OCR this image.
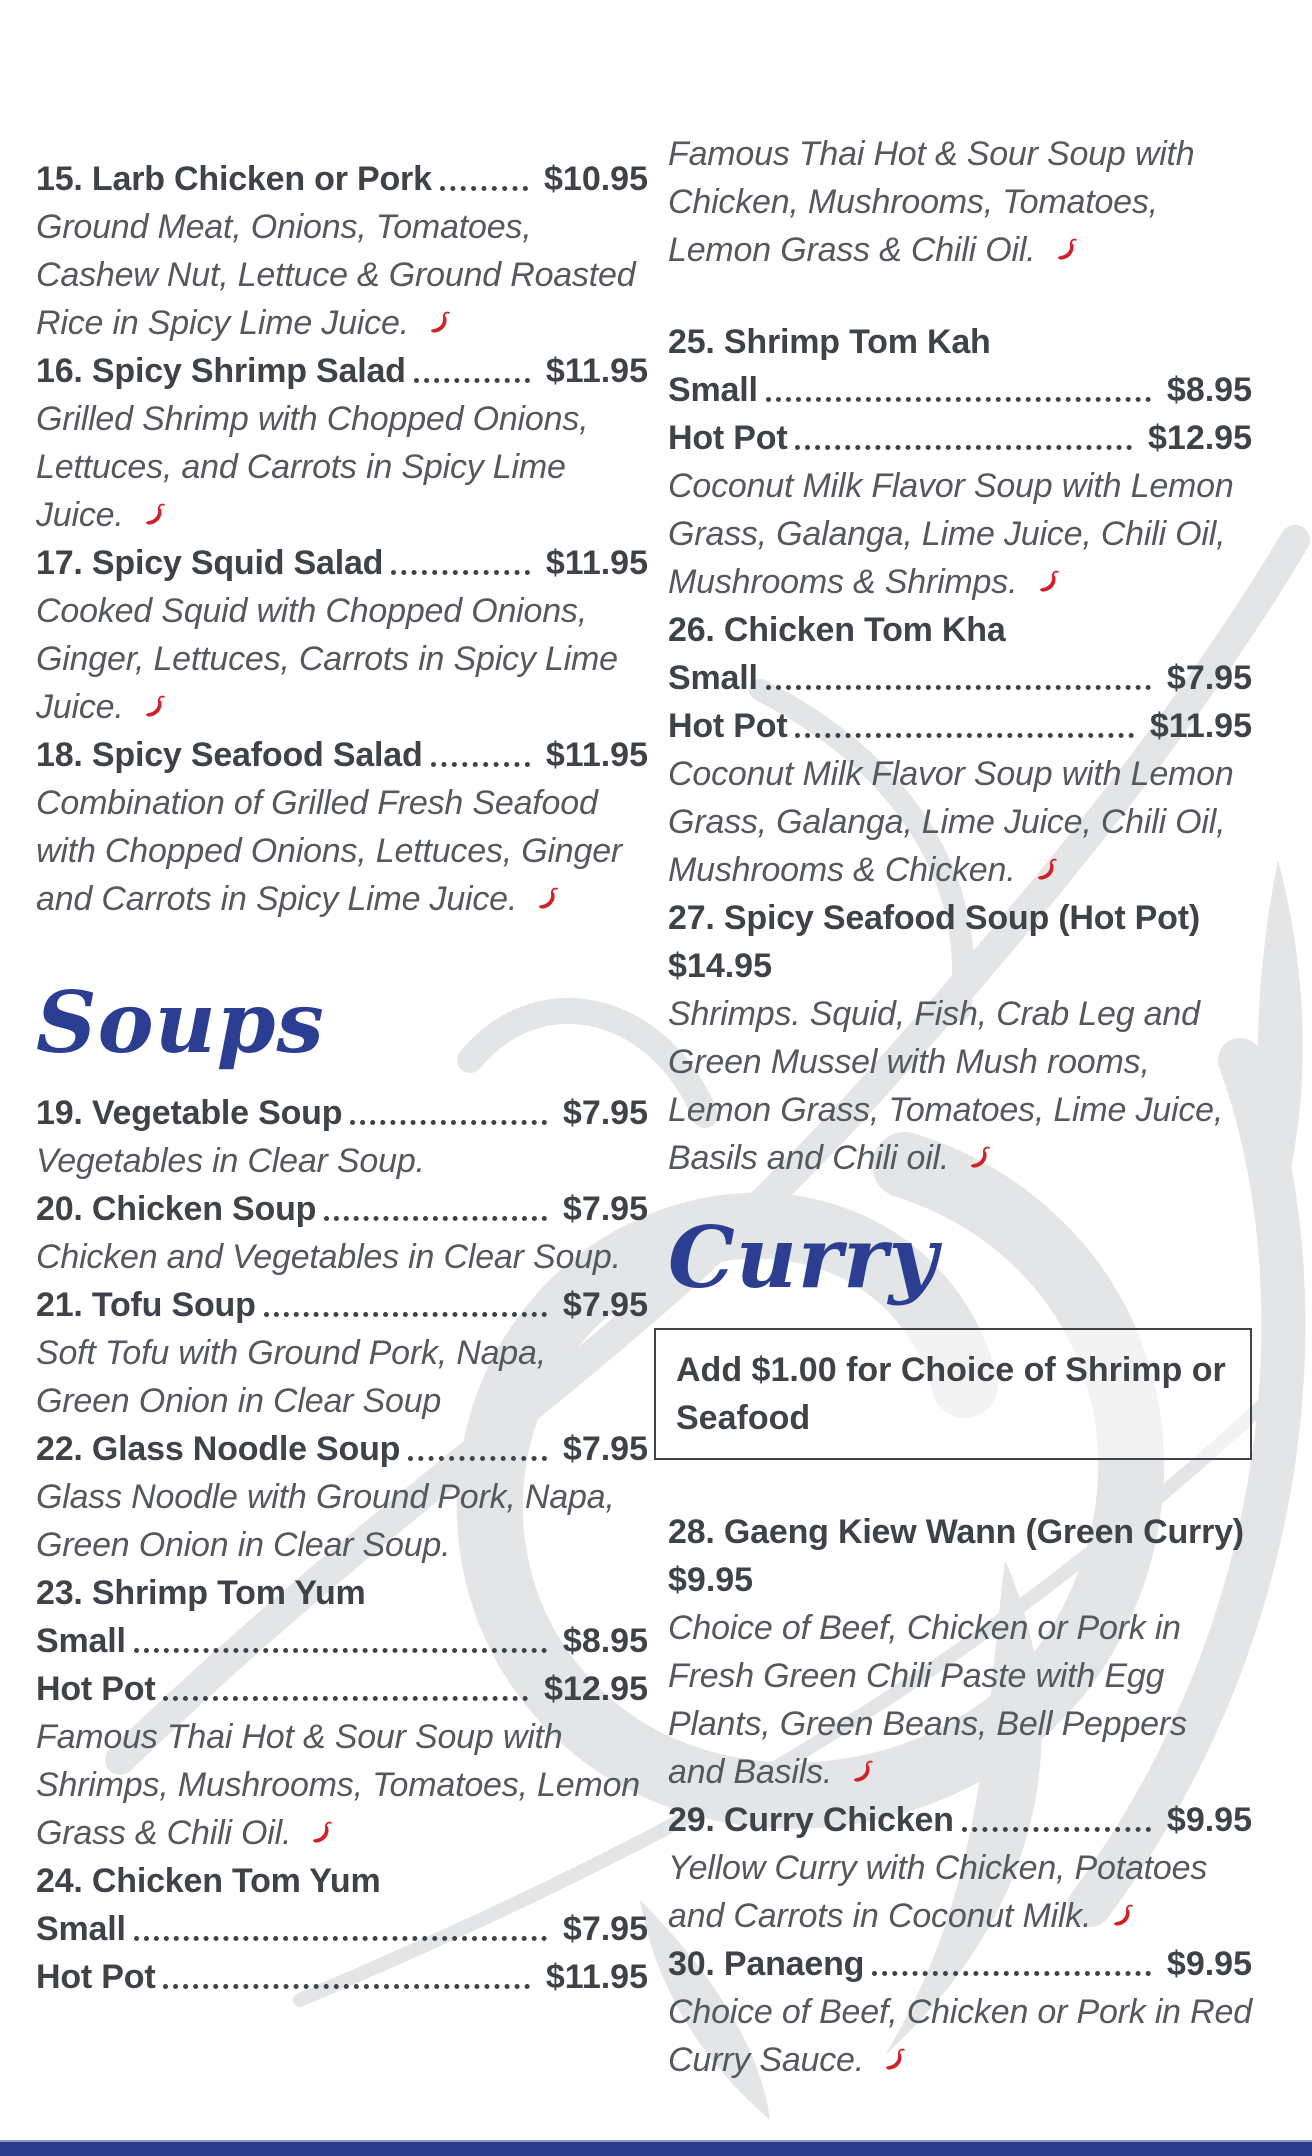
15. Larb Chicken or Pork	$10.95
Ground Meat, Onions, Tomatoes, Cashew Nut, Lettuce & Ground Roasted Rice in Spicy Lime Juice.
16. Spicy Shrimp Salad	$11.95
Grilled Shrimp with Chopped Onions, Lettuces, and Carrots in Spicy Lime Juice.
17. Spicy Squid Salad	$11.95
Cooked Squid with Chopped Onions, Ginger, Lettuces, Carrots in Spicy Lime Juice.
18. Spicy Seafood Salad	$11.95
Combination of Grilled Fresh Seafood with Chopped Onions, Lettuces, Ginger and Carrots in Spicy Lime Juice.
Soups
19. Vegetable Soup	$7.95
Vegetables in Clear Soup.
20. Chicken Soup	$7.95
Chicken and Vegetables in Clear Soup.
21. Tofu Soup	$7.95
Soft Tofu with Ground Pork, Napa, Green Onion in Clear Soup
22. Glass Noodle Soup	$7.95
Glass Noodle with Ground Pork, Napa, Green Onion in Clear Soup.
23. Shrimp Tom Yum
Small	$8.95
Hot Pot	$12.95
Famous Thai Hot & Sour Soup with Shrimps, Mushrooms, Tomatoes, Lemon Grass & Chili Oil.
24. Chicken Tom Yum
Small	$7.95
Hot Pot	$11.95
Famous Thai Hot & Sour Soup with Chicken, Mushrooms, Tomatoes, Lemon Grass & Chili Oil.
25. Shrimp Tom Kah
Small	$8.95
Hot Pot	$12.95
Coconut Milk Flavor Soup with Lemon Grass, Galanga, Lime Juice, Chili Oil, Mushrooms & Shrimps.
26. Chicken Tom Kha
Small	$7.95
Hot Pot	$11.95
Coconut Milk Flavor Soup with Lemon Grass, Galanga, Lime Juice, Chili Oil, Mushrooms & Chicken.
27. Spicy Seafood Soup (Hot Pot)
$14.95
Shrimps. Squid, Fish, Crab Leg and Green Mussel with Mush rooms, Lemon Grass, Tomatoes, Lime Juice, Basils and Chili oil.
Curry
Add $1.00 for Choice of Shrimp or Seafood
28. Gaeng Kiew Wann (Green Curry)
$9.95
Choice of Beef, Chicken or Pork in Fresh Green Chili Paste with Egg Plants, Green Beans, Bell Peppers and Basils.
29. Curry Chicken	$9.95
Yellow Curry with Chicken, Potatoes and Carrots in Coconut Milk.
30. Panaeng	$9.95
Choice of Beef, Chicken or Pork in Red Curry Sauce.
